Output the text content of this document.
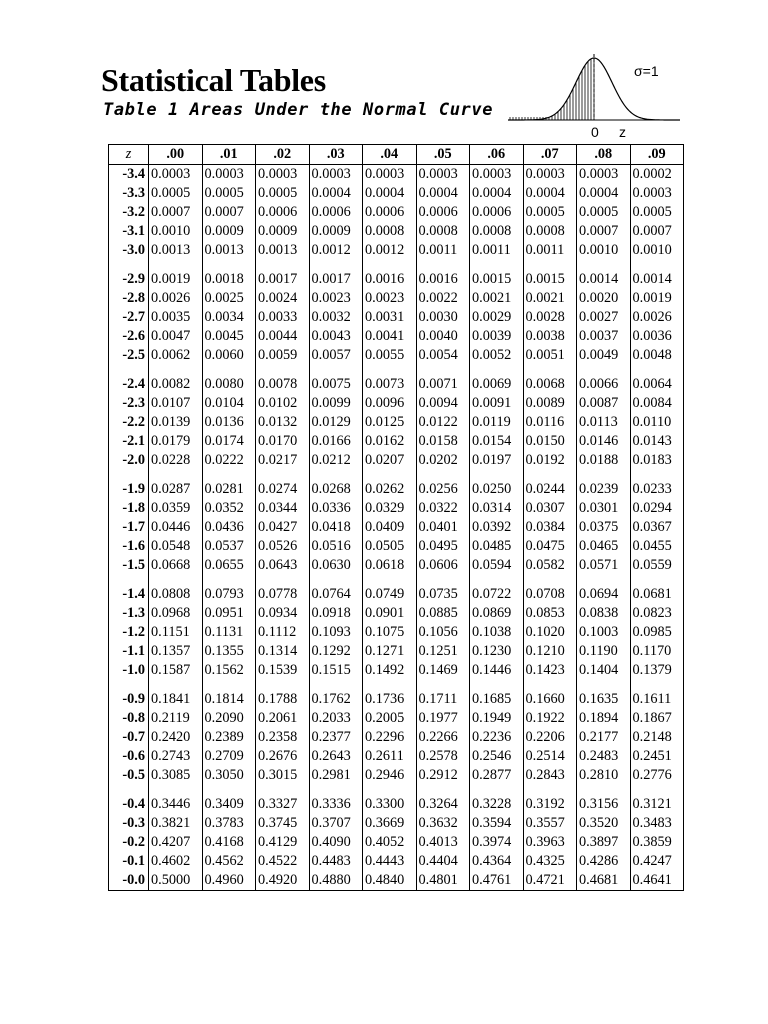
Statistical Tables
Table 1 Areas Under the Normal Curve
σ=1
0 z
z	.00	.01	.02	.03	.04	.05	.06	.07	.08	.09
-3.4	0.0003	0.0003	0.0003	0.0003	0.0003	0.0003	0.0003	0.0003	0.0003	0.0002
-3.3	0.0005	0.0005	0.0005	0.0004	0.0004	0.0004	0.0004	0.0004	0.0004	0.0003
-3.2	0.0007	0.0007	0.0006	0.0006	0.0006	0.0006	0.0006	0.0005	0.0005	0.0005
-3.1	0.0010	0.0009	0.0009	0.0009	0.0008	0.0008	0.0008	0.0008	0.0007	0.0007
-3.0	0.0013	0.0013	0.0013	0.0012	0.0012	0.0011	0.0011	0.0011	0.0010	0.0010

-2.9	0.0019	0.0018	0.0017	0.0017	0.0016	0.0016	0.0015	0.0015	0.0014	0.0014
-2.8	0.0026	0.0025	0.0024	0.0023	0.0023	0.0022	0.0021	0.0021	0.0020	0.0019
-2.7	0.0035	0.0034	0.0033	0.0032	0.0031	0.0030	0.0029	0.0028	0.0027	0.0026
-2.6	0.0047	0.0045	0.0044	0.0043	0.0041	0.0040	0.0039	0.0038	0.0037	0.0036
-2.5	0.0062	0.0060	0.0059	0.0057	0.0055	0.0054	0.0052	0.0051	0.0049	0.0048

-2.4	0.0082	0.0080	0.0078	0.0075	0.0073	0.0071	0.0069	0.0068	0.0066	0.0064
-2.3	0.0107	0.0104	0.0102	0.0099	0.0096	0.0094	0.0091	0.0089	0.0087	0.0084
-2.2	0.0139	0.0136	0.0132	0.0129	0.0125	0.0122	0.0119	0.0116	0.0113	0.0110
-2.1	0.0179	0.0174	0.0170	0.0166	0.0162	0.0158	0.0154	0.0150	0.0146	0.0143
-2.0	0.0228	0.0222	0.0217	0.0212	0.0207	0.0202	0.0197	0.0192	0.0188	0.0183

-1.9	0.0287	0.0281	0.0274	0.0268	0.0262	0.0256	0.0250	0.0244	0.0239	0.0233
-1.8	0.0359	0.0352	0.0344	0.0336	0.0329	0.0322	0.0314	0.0307	0.0301	0.0294
-1.7	0.0446	0.0436	0.0427	0.0418	0.0409	0.0401	0.0392	0.0384	0.0375	0.0367
-1.6	0.0548	0.0537	0.0526	0.0516	0.0505	0.0495	0.0485	0.0475	0.0465	0.0455
-1.5	0.0668	0.0655	0.0643	0.0630	0.0618	0.0606	0.0594	0.0582	0.0571	0.0559

-1.4	0.0808	0.0793	0.0778	0.0764	0.0749	0.0735	0.0722	0.0708	0.0694	0.0681
-1.3	0.0968	0.0951	0.0934	0.0918	0.0901	0.0885	0.0869	0.0853	0.0838	0.0823
-1.2	0.1151	0.1131	0.1112	0.1093	0.1075	0.1056	0.1038	0.1020	0.1003	0.0985
-1.1	0.1357	0.1355	0.1314	0.1292	0.1271	0.1251	0.1230	0.1210	0.1190	0.1170
-1.0	0.1587	0.1562	0.1539	0.1515	0.1492	0.1469	0.1446	0.1423	0.1404	0.1379

-0.9	0.1841	0.1814	0.1788	0.1762	0.1736	0.1711	0.1685	0.1660	0.1635	0.1611
-0.8	0.2119	0.2090	0.2061	0.2033	0.2005	0.1977	0.1949	0.1922	0.1894	0.1867
-0.7	0.2420	0.2389	0.2358	0.2377	0.2296	0.2266	0.2236	0.2206	0.2177	0.2148
-0.6	0.2743	0.2709	0.2676	0.2643	0.2611	0.2578	0.2546	0.2514	0.2483	0.2451
-0.5	0.3085	0.3050	0.3015	0.2981	0.2946	0.2912	0.2877	0.2843	0.2810	0.2776

-0.4	0.3446	0.3409	0.3327	0.3336	0.3300	0.3264	0.3228	0.3192	0.3156	0.3121
-0.3	0.3821	0.3783	0.3745	0.3707	0.3669	0.3632	0.3594	0.3557	0.3520	0.3483
-0.2	0.4207	0.4168	0.4129	0.4090	0.4052	0.4013	0.3974	0.3963	0.3897	0.3859
-0.1	0.4602	0.4562	0.4522	0.4483	0.4443	0.4404	0.4364	0.4325	0.4286	0.4247
-0.0	0.5000	0.4960	0.4920	0.4880	0.4840	0.4801	0.4761	0.4721	0.4681	0.4641
